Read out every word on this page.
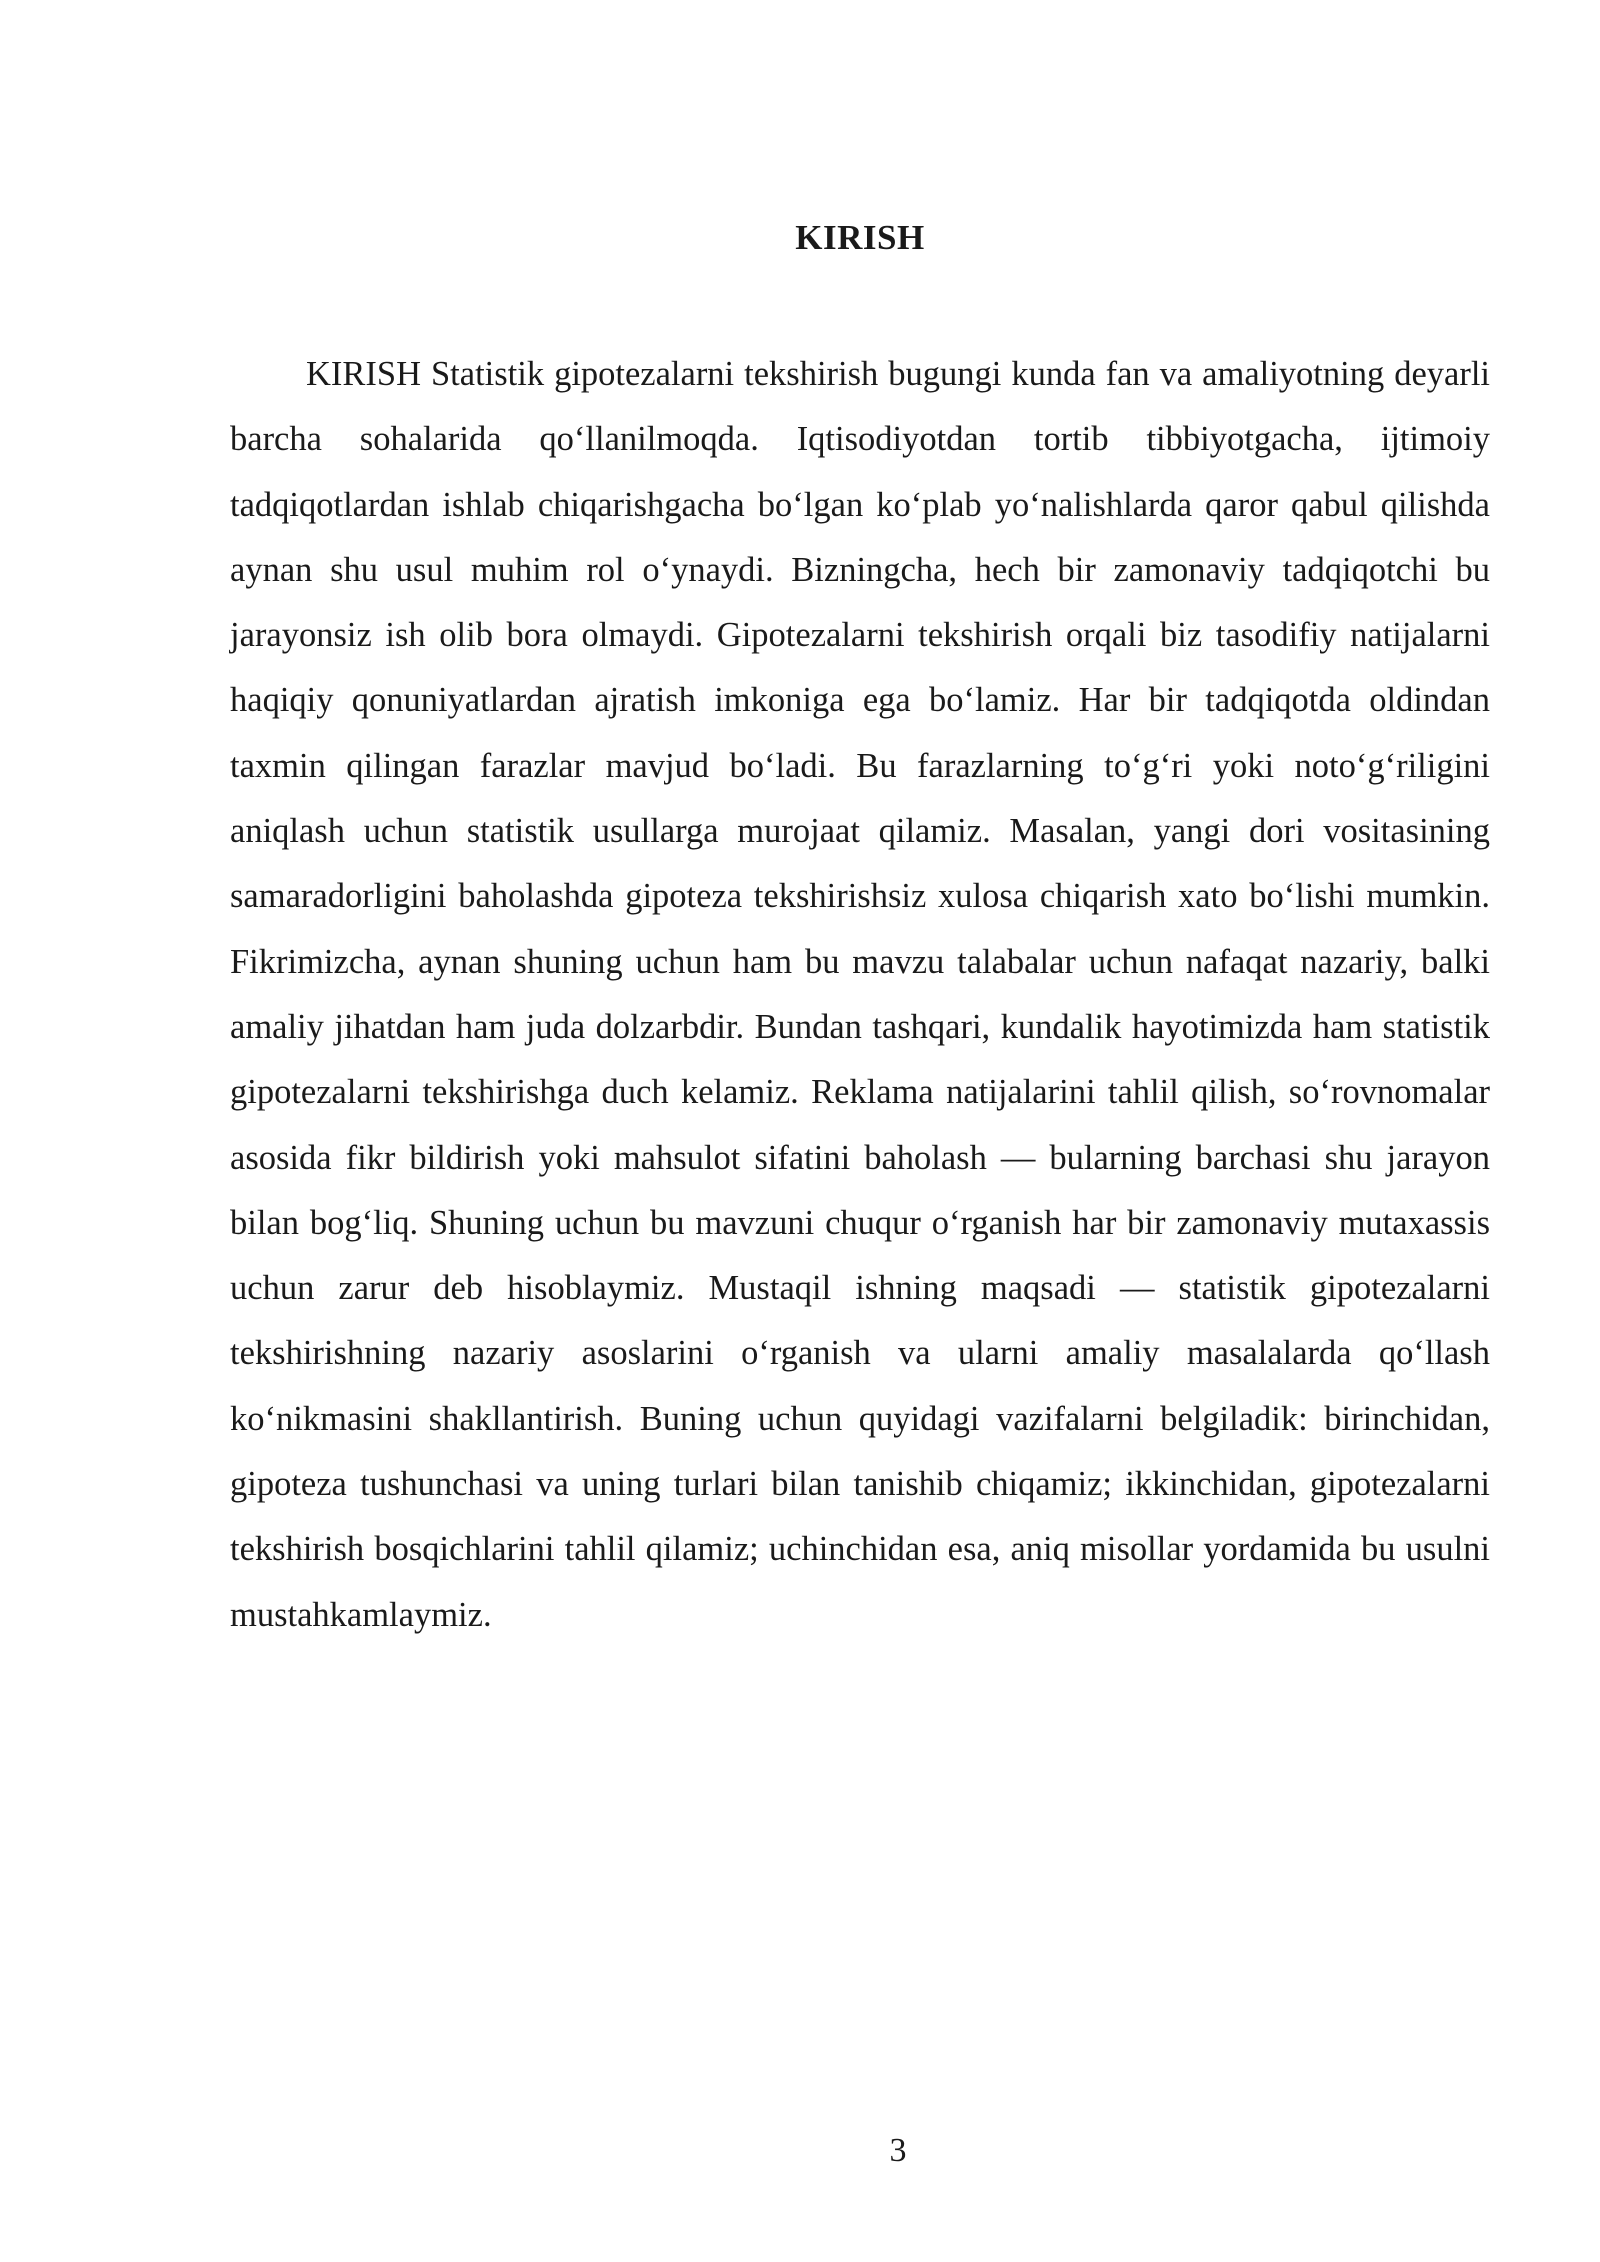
KIRISH

KIRISH Statistik gipotezalarni tekshirish bugungi kunda fan va amaliyotning deyarli barcha sohalarida qo‘llanilmoqda. Iqtisodiyotdan tortib tibbiyotgacha, ijtimoiy tadqiqotlardan ishlab chiqarishgacha bo‘lgan ko‘plab yo‘nalishlarda qaror qabul qilishda aynan shu usul muhim rol o‘ynaydi. Bizningcha, hech bir zamonaviy tadqiqotchi bu jarayonsiz ish olib bora olmaydi. Gipotezalarni tekshirish orqali biz tasodifiy natijalarni haqiqiy qonuniyatlardan ajratish imkoniga ega bo‘lamiz. Har bir tadqiqotda oldindan taxmin qilingan farazlar mavjud bo‘ladi. Bu farazlarning to‘g‘ri yoki noto‘g‘riligini aniqlash uchun statistik usullarga murojaat qilamiz. Masalan, yangi dori vositasining samaradorligini baholashda gipoteza tekshirishsiz xulosa chiqarish xato bo‘lishi mumkin. Fikrimizcha, aynan shuning uchun ham bu mavzu talabalar uchun nafaqat nazariy, balki amaliy jihatdan ham juda dolzarbdir. Bundan tashqari, kundalik hayotimizda ham statistik gipotezalarni tekshirishga duch kelamiz. Reklama natijalarini tahlil qilish, so‘rovnomalar asosida fikr bildirish yoki mahsulot sifatini baholash — bularning barchasi shu jarayon bilan bog‘liq. Shuning uchun bu mavzuni chuqur o‘rganish har bir zamonaviy mutaxassis uchun zarur deb hisoblaymiz. Mustaqil ishning maqsadi — statistik gipotezalarni tekshirishning nazariy asoslarini o‘rganish va ularni amaliy masalalarda qo‘llash ko‘nikmasini shakllantirish. Buning uchun quyidagi vazifalarni belgiladik: birinchidan, gipoteza tushunchasi va uning turlari bilan tanishib chiqamiz; ikkinchidan, gipotezalarni tekshirish bosqichlarini tahlil qilamiz; uchinchidan esa, aniq misollar yordamida bu usulni mustahkamlaymiz.

3
